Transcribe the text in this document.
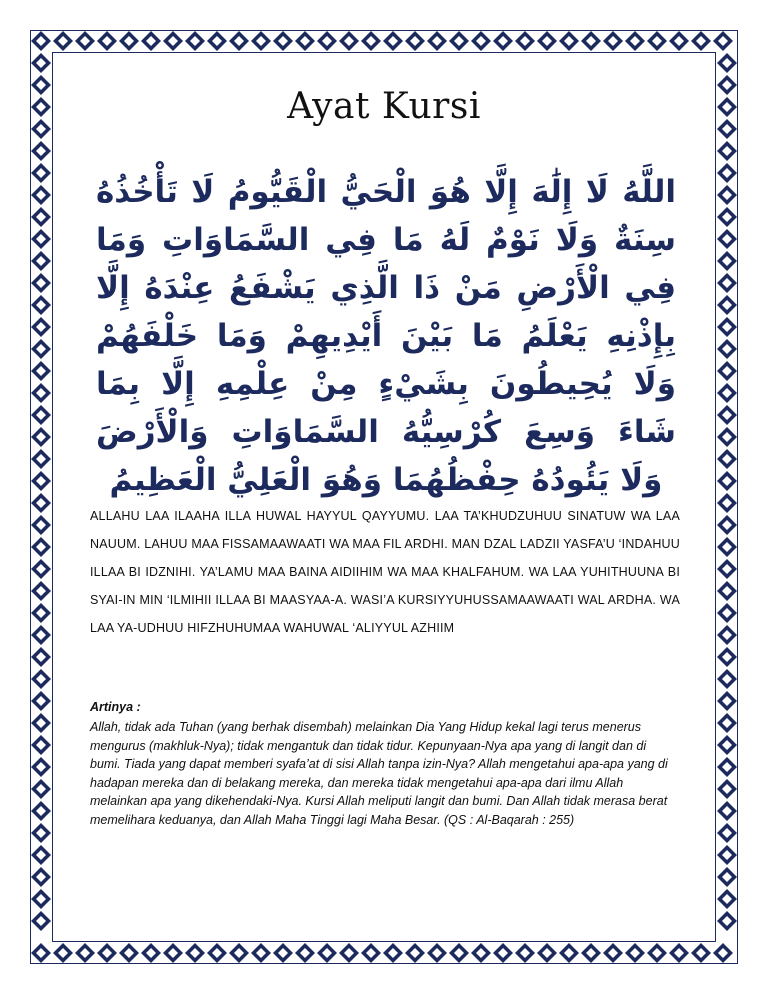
Ayat Kursi
اللَّهُ لَا إِلَٰهَ إِلَّا هُوَ الْحَيُّ الْقَيُّومُ لَا تَأْخُذُهُ سِنَةٌ وَلَا نَوْمٌ لَهُ مَا فِي السَّمَاوَاتِ وَمَا فِي الْأَرْضِ مَنْ ذَا الَّذِي يَشْفَعُ عِنْدَهُ إِلَّا بِإِذْنِهِ يَعْلَمُ مَا بَيْنَ أَيْدِيهِمْ وَمَا خَلْفَهُمْ وَلَا يُحِيطُونَ بِشَيْءٍ مِنْ عِلْمِهِ إِلَّا بِمَا شَاءَ وَسِعَ كُرْسِيُّهُ السَّمَاوَاتِ وَالْأَرْضَ وَلَا يَئُودُهُ حِفْظُهُمَا وَهُوَ الْعَلِيُّ الْعَظِيمُ
ALLAHU LAA ILAAHA ILLA HUWAL HAYYUL QAYYUMU. LAA TA’KHUDZUHUU SINATUW WA LAA NAUUM. LAHUU MAA FISSAMAAWAATI WA MAA FIL ARDHI. MAN DZAL LADZII YASFA’U ‘INDAHUU ILLAA BI IDZNIHI. YA’LAMU MAA BAINA AIDIIHIM WA MAA KHALFAHUM. WA LAA YUHITHUUNA BI SYAI-IN MIN ‘ILMIHII ILLAA BI MAASYAA-A. WASI’A KURSIYYUHUSSAMAAWAATI WAL ARDHA. WA LAA YA-UDHUU HIFZHUHUMAA WAHUWAL ‘ALIYYUL AZHIIM
Artinya :
Allah, tidak ada Tuhan (yang berhak disembah) melainkan Dia Yang Hidup kekal lagi terus menerus mengurus (makhluk-Nya); tidak mengantuk dan tidak tidur. Kepunyaan-Nya apa yang di langit dan di bumi. Tiada yang dapat memberi syafa’at di sisi Allah tanpa izin-Nya? Allah mengetahui apa-apa yang di hadapan mereka dan di belakang mereka, dan mereka tidak mengetahui apa-apa dari ilmu Allah melainkan apa yang dikehendaki-Nya. Kursi Allah meliputi langit dan bumi. Dan Allah tidak merasa berat memelihara keduanya, dan Allah Maha Tinggi lagi Maha Besar. (QS : Al-Baqarah : 255)
